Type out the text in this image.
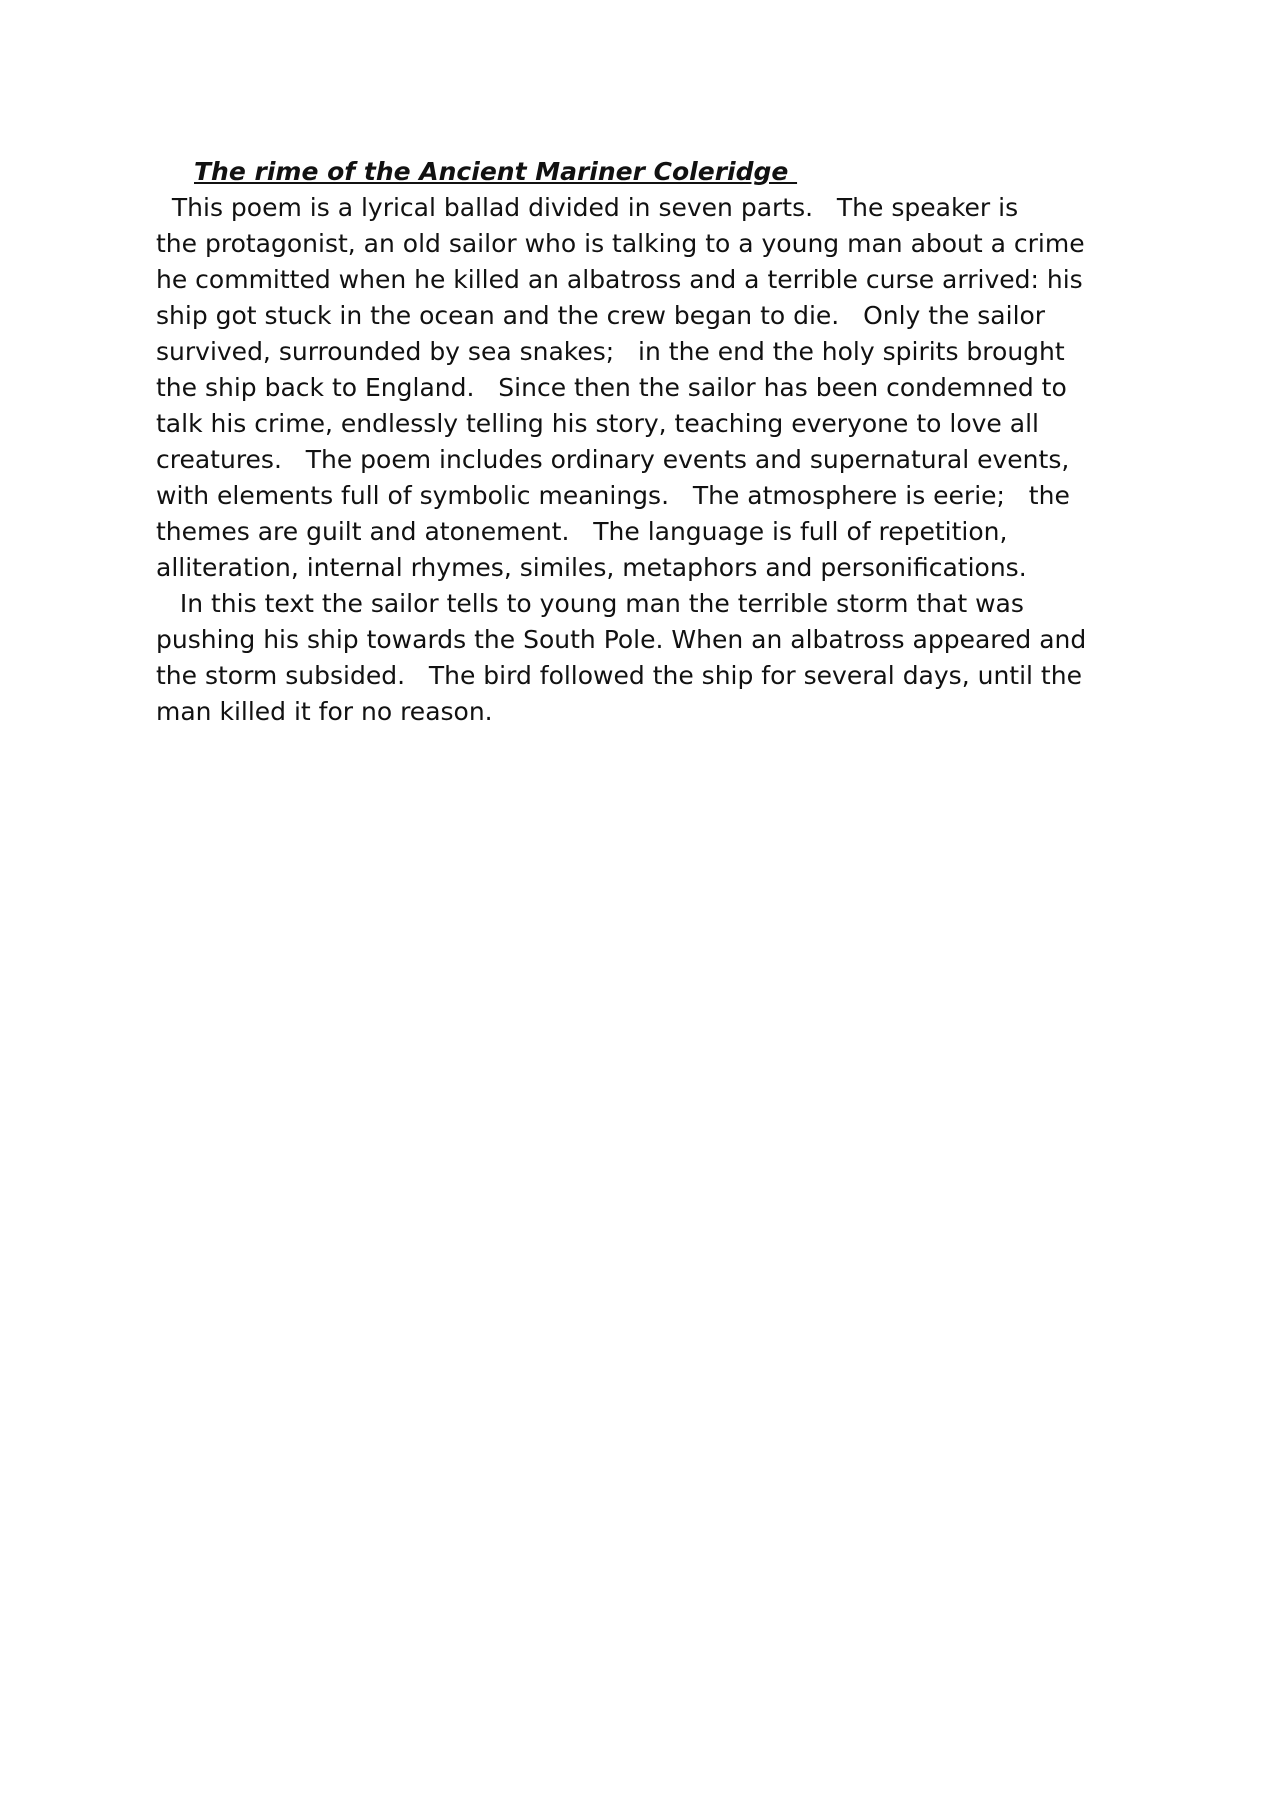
The rime of the Ancient Mariner Coleridge

This poem is a lyrical ballad divided in seven parts.   The speaker is

the protagonist, an old sailor who is talking to a young man about a crime

he committed when he killed an albatross and a terrible curse arrived: his

ship got stuck in the ocean and the crew began to die.   Only the sailor

survived, surrounded by sea snakes;   in the end the holy spirits brought

the ship back to England.   Since then the sailor has been condemned to

talk his crime, endlessly telling his story, teaching everyone to love all

creatures.   The poem includes ordinary events and supernatural events,

with elements full of symbolic meanings.   The atmosphere is eerie;   the

themes are guilt and atonement.   The language is full of repetition,

alliteration, internal rhymes, similes, metaphors and personifications.

In this text the sailor tells to young man the terrible storm that was

pushing his ship towards the South Pole. When an albatross appeared and

the storm subsided.   The bird followed the ship for several days, until the

man killed it for no reason.
